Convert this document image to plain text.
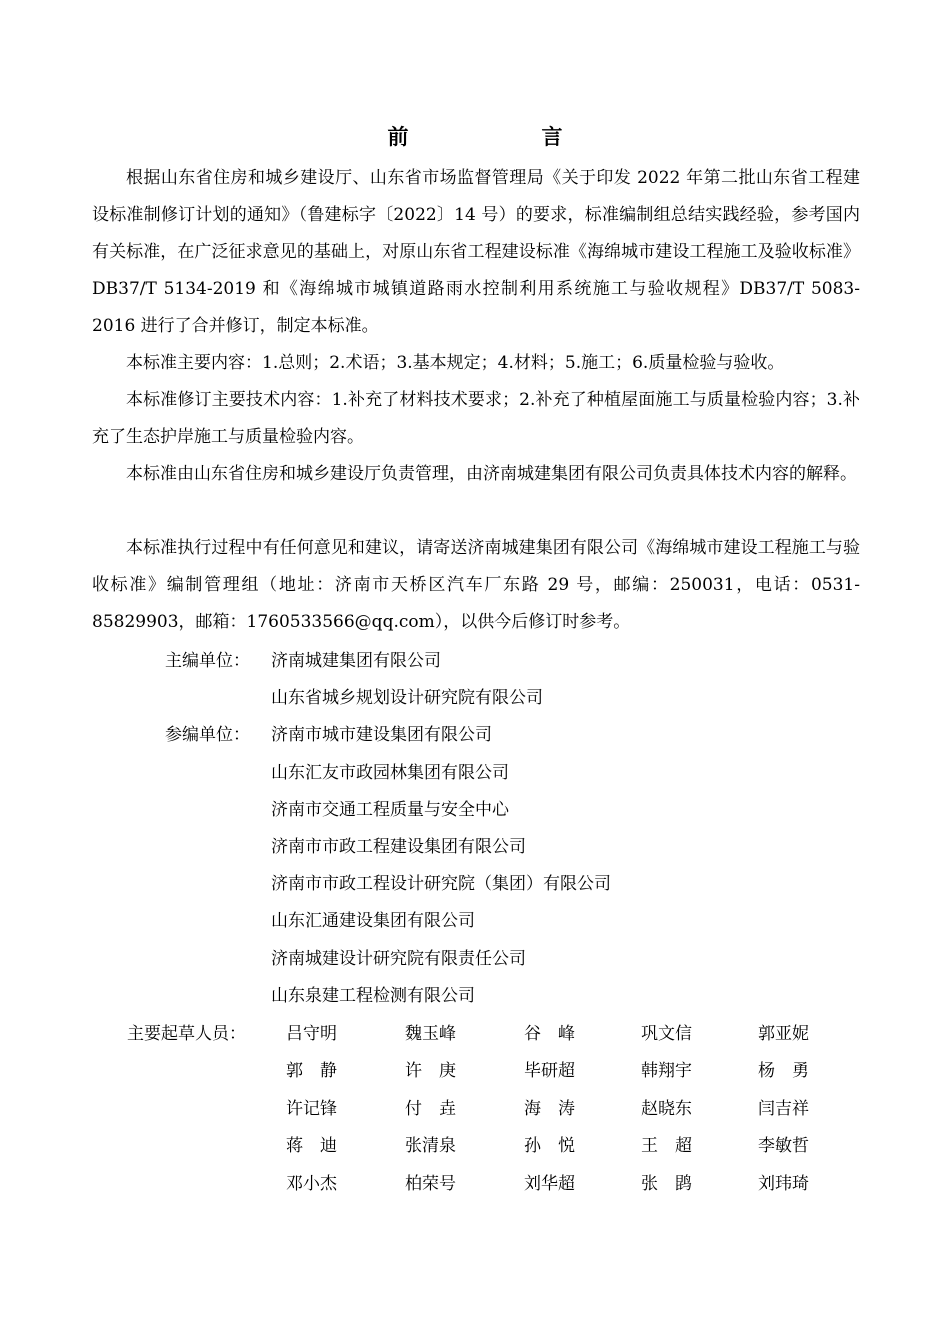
前　言

根据山东省住房和城乡建设厅、山东省市场监督管理局《关于印发 2022 年第二批山东省工程建设标准制修订计划的通知》（鲁建标字〔2022〕14 号）的要求，标准编制组总结实践经验，参考国内有关标准，在广泛征求意见的基础上，对原山东省工程建设标准《海绵城市建设工程施工及验收标准》DB37/T 5134-2019 和《海绵城市城镇道路雨水控制利用系统施工与验收规程》DB37/T 5083-2016 进行了合并修订，制定本标准。

本标准主要内容：1.总则；2.术语；3.基本规定；4.材料；5.施工；6.质量检验与验收。

本标准修订主要技术内容：1.补充了材料技术要求；2.补充了种植屋面施工与质量检验内容；3.补充了生态护岸施工与质量检验内容。

本标准由山东省住房和城乡建设厅负责管理，由济南城建集团有限公司负责具体技术内容的解释。

本标准执行过程中有任何意见和建议，请寄送济南城建集团有限公司《海绵城市建设工程施工与验收标准》编制管理组（地址：济南市天桥区汽车厂东路 29 号，邮编：250031，电话：0531-85829903，邮箱：1760533566@qq.com），以供今后修订时参考。

主编单位：	济南城建集团有限公司
山东省城乡规划设计研究院有限公司
参编单位：	济南市城市建设集团有限公司
山东汇友市政园林集团有限公司
济南市交通工程质量与安全中心
济南市市政工程建设集团有限公司
济南市市政工程设计研究院（集团）有限公司
山东汇通建设集团有限公司
济南城建设计研究院有限责任公司
山东泉建工程检测有限公司
主要起草人员：	吕守明	魏玉峰	谷　峰	巩文信	郭亚妮
郭　静	许　庚	毕研超	韩翔宇	杨　勇
许记锋	付　垚	海　涛	赵晓东	闫吉祥
蒋　迪	张清泉	孙　悦	王　超	李敏哲
邓小杰	柏荣号	刘华超	张　鹍	刘玮琦
